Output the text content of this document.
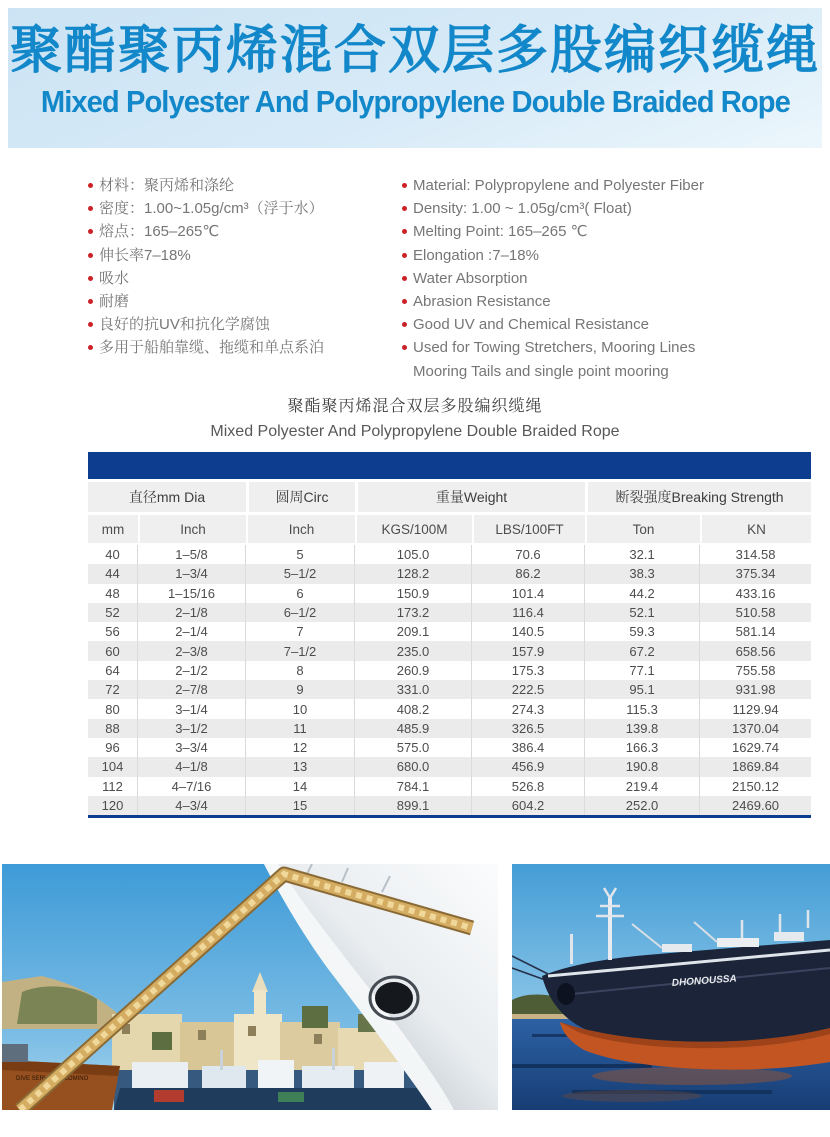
聚酯聚丙烯混合双层多股编织缆绳
Mixed Polyester And Polypropylene Double Braided Rope
材料：聚丙烯和涤纶
密度：1.00~1.05g/cm³（浮于水）
熔点：165–265℃
伸长率7–18%
吸水
耐磨
良好的抗UV和抗化学腐蚀
多用于船舶靠缆、拖缆和单点系泊
Material: Polypropylene and Polyester Fiber
Density: 1.00 ~ 1.05g/cm³( Float)
Melting Point: 165–265 ℃
Elongation :7–18%
Water Absorption
Abrasion Resistance
Good UV and Chemical Resistance
Used for Towing Stretchers, Mooring Lines
Mooring Tails and single point mooring
聚酯聚丙烯混合双层多股编织缆绳
Mixed Polyester And Polypropylene Double Braided Rope
直径mm Dia		圆周Circ	重量Weight		断裂强度Breaking Strength	
mm	Inch	Inch	KGS/100M	LBS/100FT	Ton	KN
40	1–5/8	5	105.0	70.6	32.1	314.58
44	1–3/4	5–1/2	128.2	86.2	38.3	375.34
48	1–15/16	6	150.9	101.4	44.2	433.16
52	2–1/8	6–1/2	173.2	116.4	52.1	510.58
56	2–1/4	7	209.1	140.5	59.3	581.14
60	2–3/8	7–1/2	235.0	157.9	67.2	658.56
64	2–1/2	8	260.9	175.3	77.1	755.58
72	2–7/8	9	331.0	222.5	95.1	931.98
80	3–1/4	10	408.2	274.3	115.3	1129.94
88	3–1/2	11	485.9	326.5	139.8	1370.04
96	3–3/4	12	575.0	386.4	166.3	1629.74
104	4–1/8	13	680.0	456.9	190.8	1869.84
112	4–7/16	14	784.1	526.8	219.4	2150.12
120	4–3/4	15	899.1	604.2	252.0	2469.60
DIVE SERVICES COMINO
DHONOUSSA
